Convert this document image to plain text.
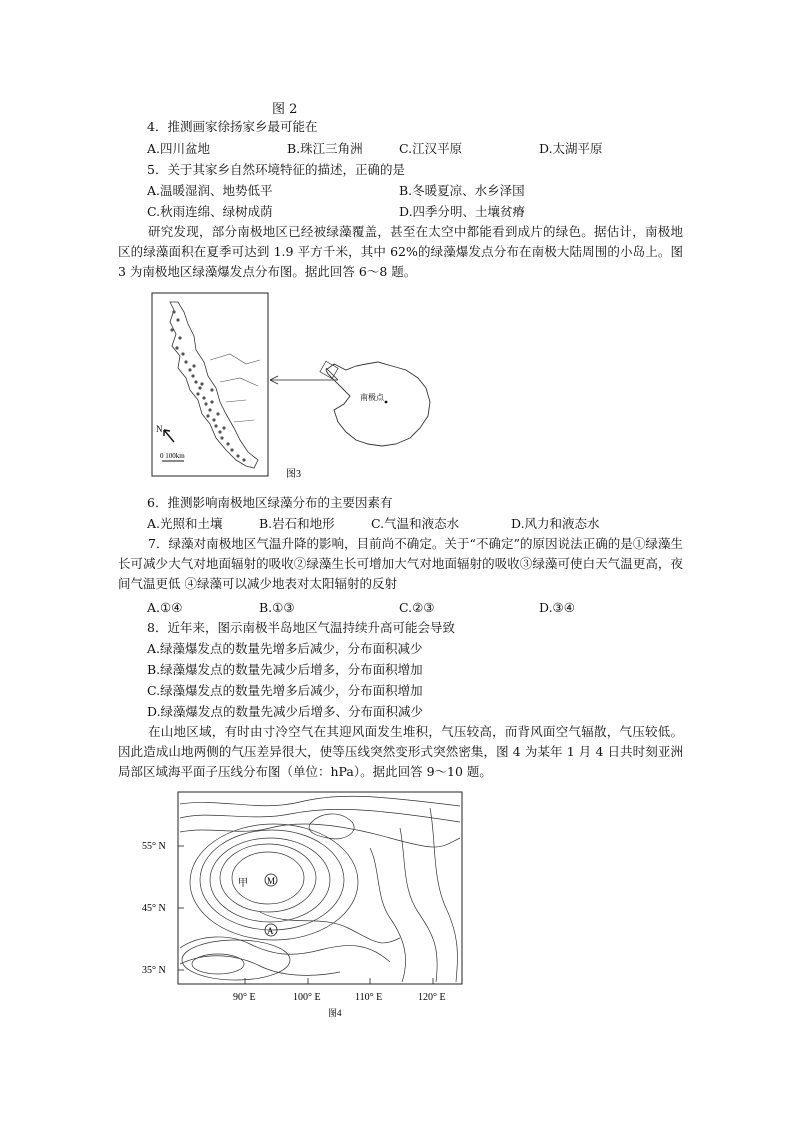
图 2
4．推测画家徐扬家乡最可能在
A.四川盆地	B.珠江三角洲	C.江汉平原	D.太湖平原
5．关于其家乡自然环境特征的描述，正确的是
A.温暖湿润、地势低平	B.冬暖夏凉、水乡泽国
C.秋雨连绵、绿树成荫	D.四季分明、土壤贫瘠
研究发现，部分南极地区已经被绿藻覆盖，甚至在太空中都能看到成片的绿色。据估计，南极地区的绿藻面积在夏季可达到 1.9 平方千米，其中 62%的绿藻爆发点分布在南极大陆周围的小岛上。图 3 为南极地区绿藻爆发点分布图。据此回答 6～8 题。
N
0 100km
南极点
图3
6．推测影响南极地区绿藻分布的主要因素有
A.光照和土壤	B.岩石和地形	C.气温和液态水	D.风力和液态水
7．绿藻对南极地区气温升降的影响，目前尚不确定。关于“不确定”的原因说法正确的是①绿藻生长可减少大气对地面辐射的吸收②绿藻生长可增加大气对地面辐射的吸收③绿藻可使白天气温更高，夜间气温更低 ④绿藻可以减少地表对太阳辐射的反射
A.①④	B.①③	C.②③	D.③④
8．近年来，图示南极半岛地区气温持续升高可能会导致
A.绿藻爆发点的数量先增多后减少，分布面积减少
B.绿藻爆发点的数量先减少后增多，分布面积增加
C.绿藻爆发点的数量先增多后减少，分布面积增加
D.绿藻爆发点的数量先减少后增多、分布面积减少
在山地区域，有时由寸冷空气在其迎风面发生堆积，气压较高，而背风面空气辐散，气压较低。因此造成山地两侧的气压差异很大，使等压线突然变形式突然密集，图 4 为某年 1 月 4 日共时刻亚洲局部区域海平面子压线分布图（单位：hPa）。据此回答 9～10 题。
甲 M
A
55° N
45° N
35° N
90° E	100° E	110° E	120° E
图4
